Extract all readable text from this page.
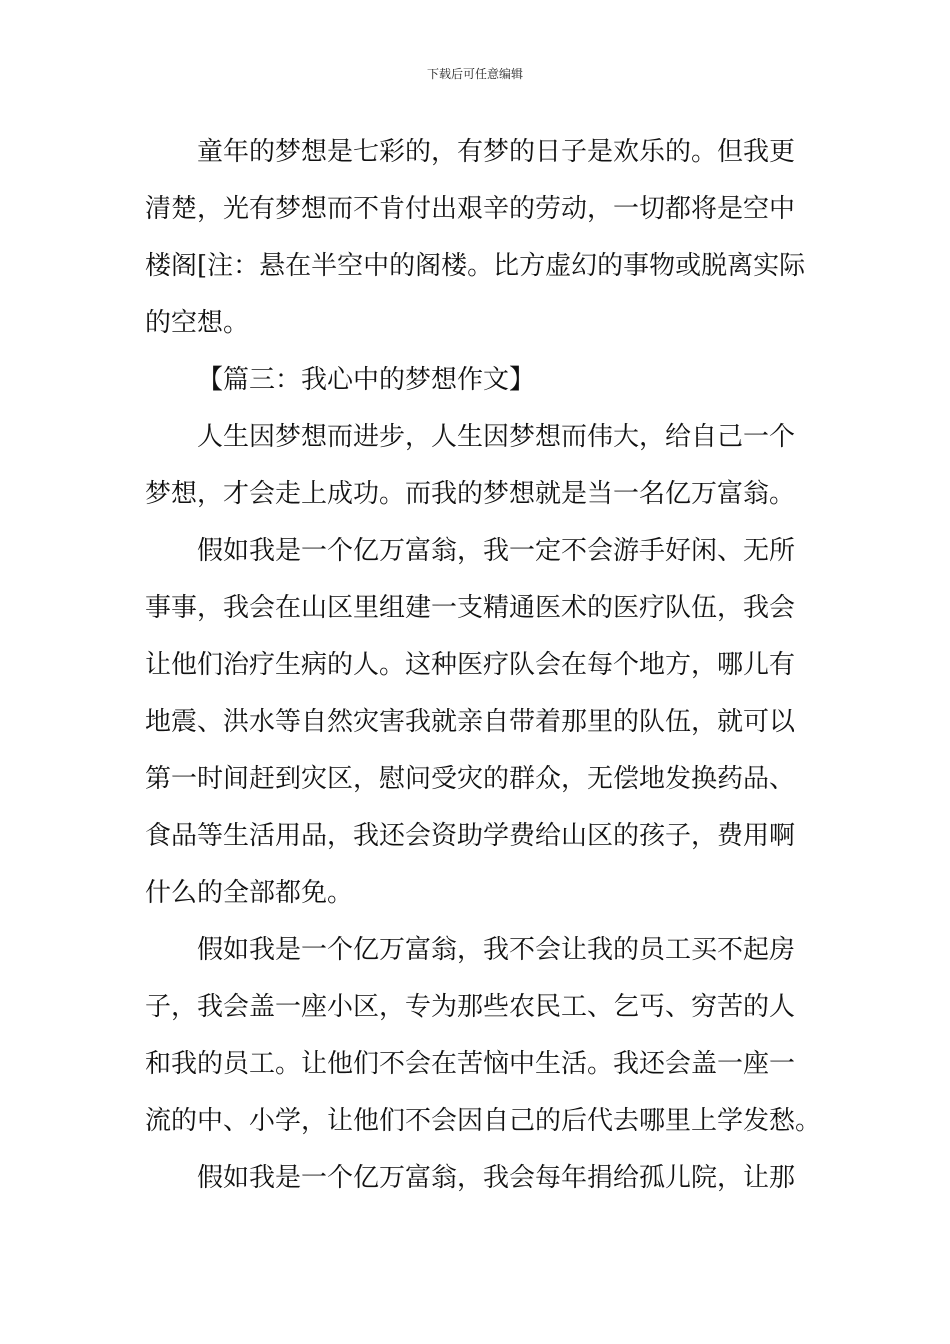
下载后可任意编辑
童年的梦想是七彩的，有梦的日子是欢乐的。但我更
清楚，光有梦想而不肯付出艰辛的劳动，一切都将是空中
楼阁[注：悬在半空中的阁楼。比方虚幻的事物或脱离实际
的空想。
【篇三：我心中的梦想作文】
人生因梦想而进步，人生因梦想而伟大，给自己一个
梦想，才会走上成功。而我的梦想就是当一名亿万富翁。
假如我是一个亿万富翁，我一定不会游手好闲、无所
事事，我会在山区里组建一支精通医术的医疗队伍，我会
让他们治疗生病的人。这种医疗队会在每个地方，哪儿有
地震、洪水等自然灾害我就亲自带着那里的队伍，就可以
第一时间赶到灾区，慰问受灾的群众，无偿地发换药品、
食品等生活用品，我还会资助学费给山区的孩子，费用啊
什么的全部都免。
假如我是一个亿万富翁，我不会让我的员工买不起房
子，我会盖一座小区，专为那些农民工、乞丐、穷苦的人
和我的员工。让他们不会在苦恼中生活。我还会盖一座一
流的中、小学，让他们不会因自己的后代去哪里上学发愁。
假如我是一个亿万富翁，我会每年捐给孤儿院，让那
